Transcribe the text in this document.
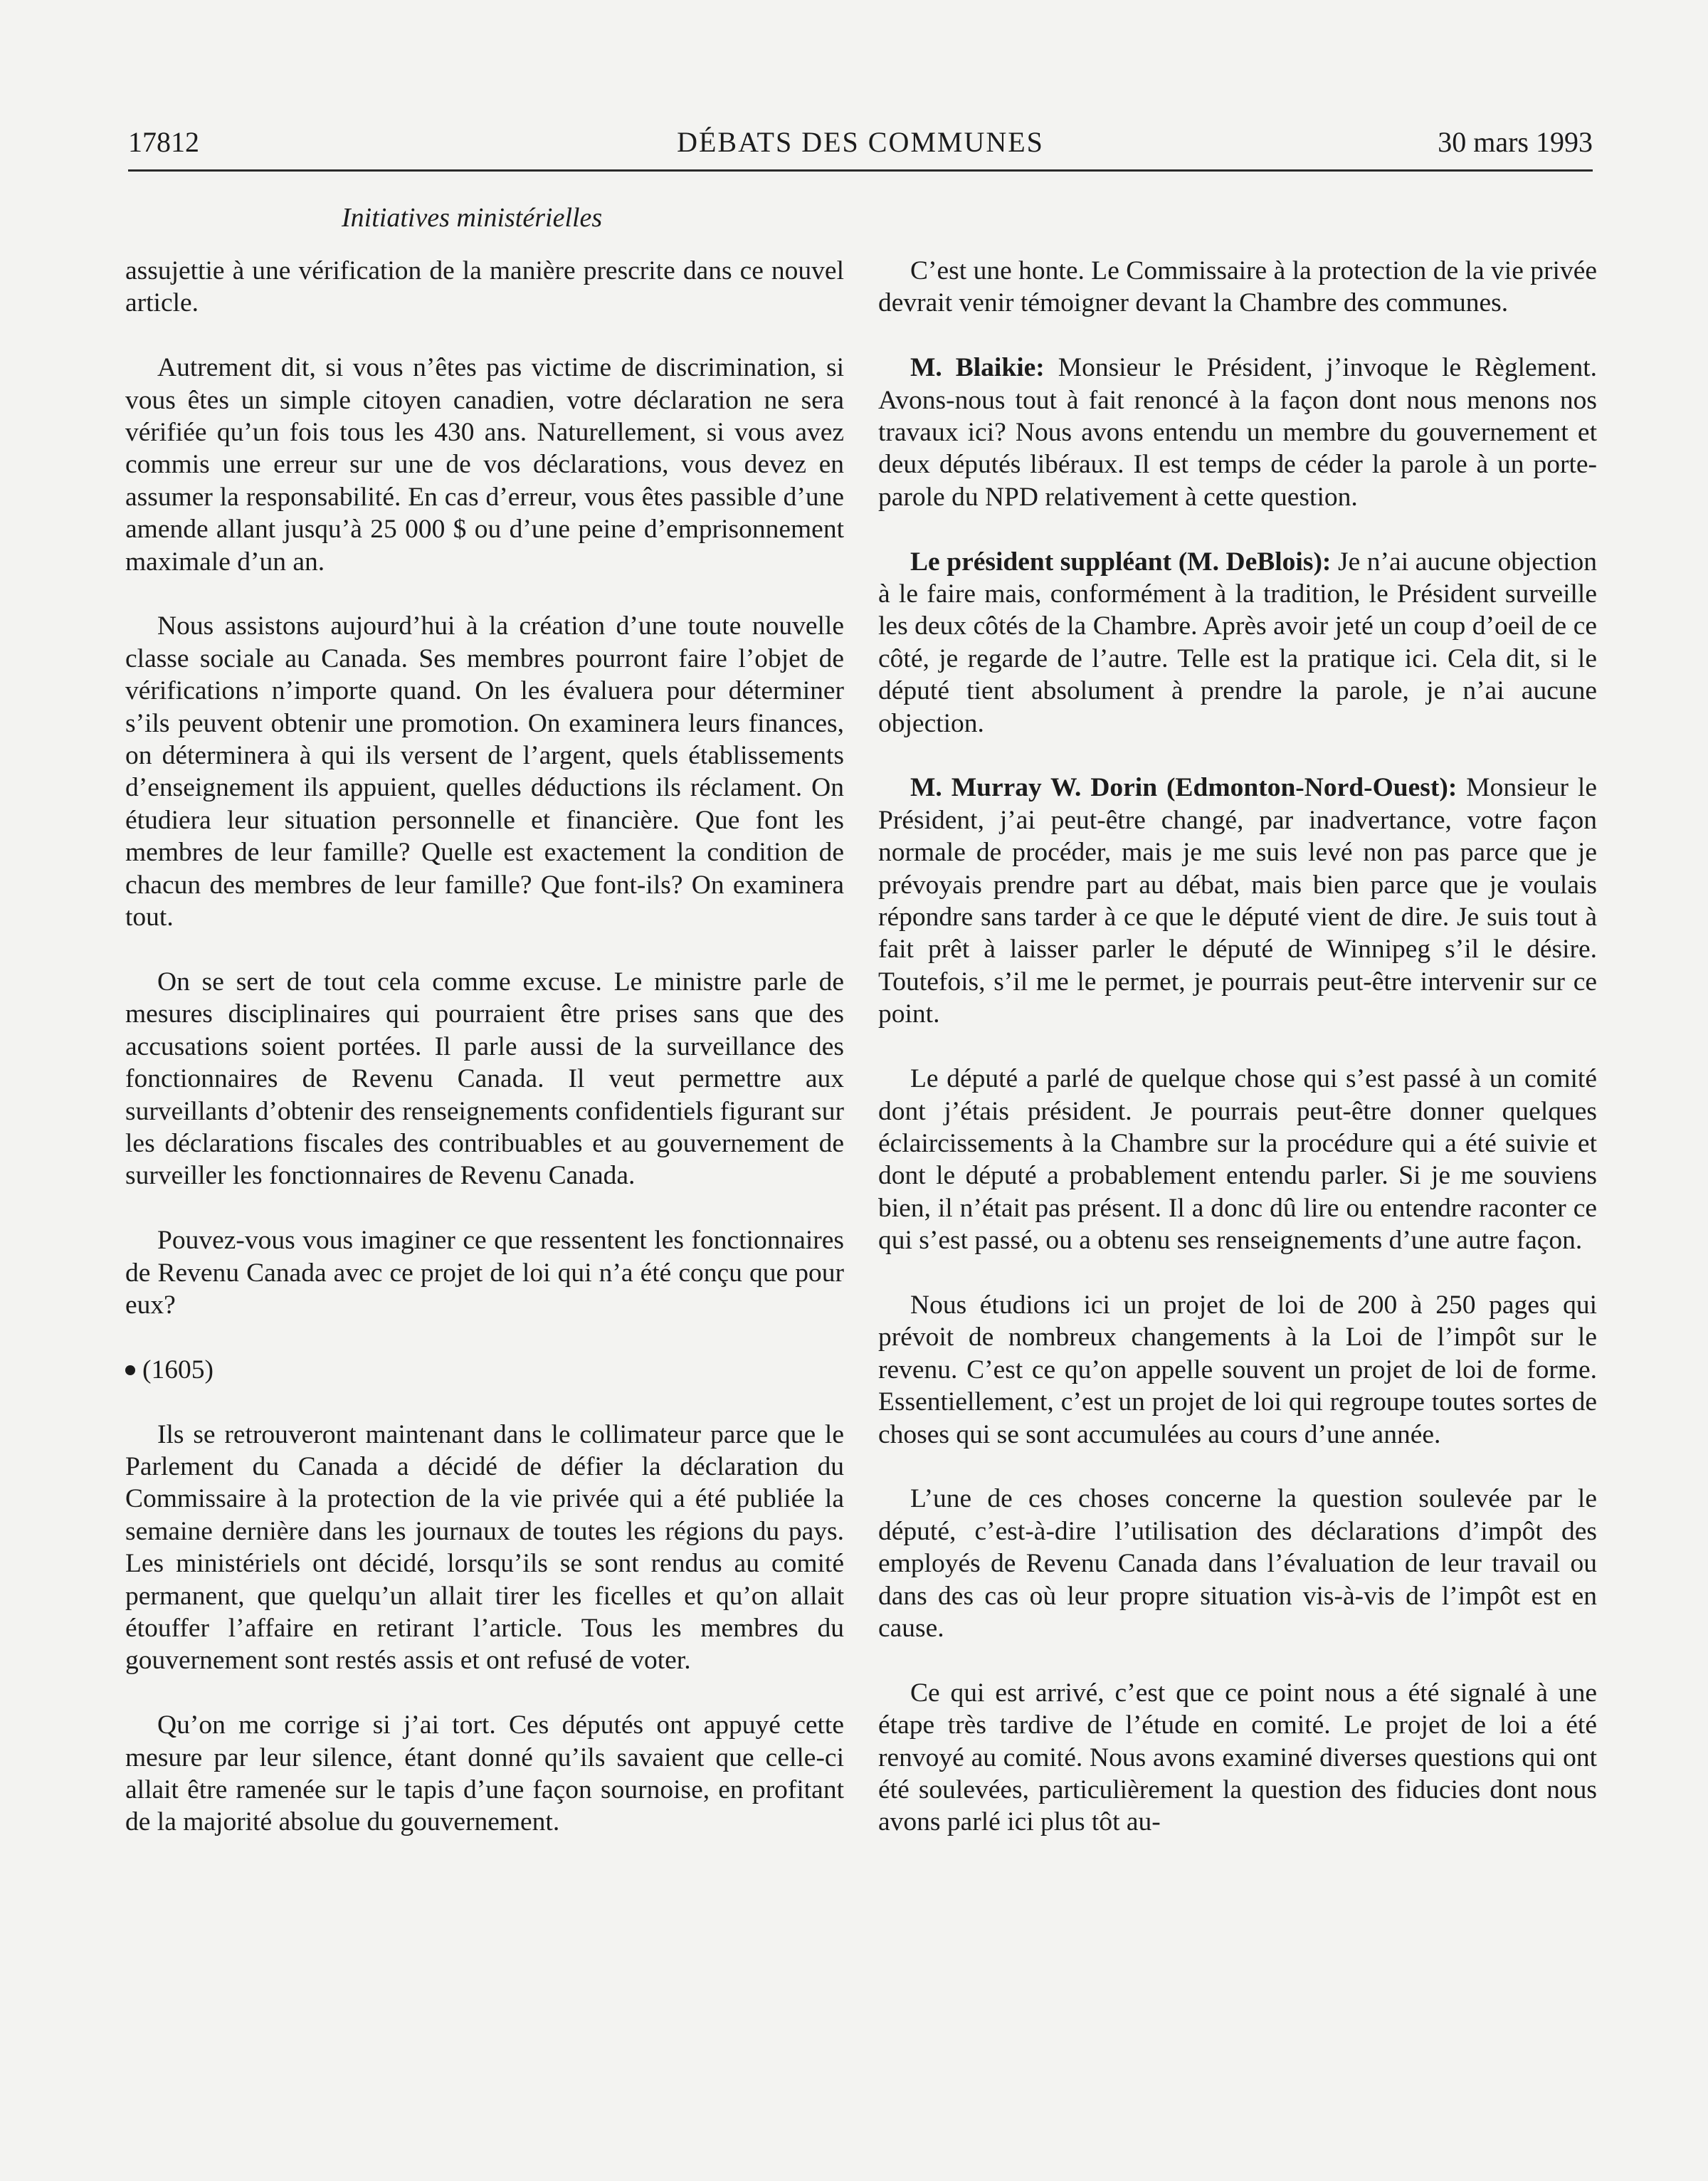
17812	DÉBATS DES COMMUNES	30 mars 1993
Initiatives ministérielles

assujettie à une vérification de la manière prescrite dans ce nouvel article.

Autrement dit, si vous n’êtes pas victime de discrimination, si vous êtes un simple citoyen canadien, votre déclaration ne sera vérifiée qu’un fois tous les 430 ans. Naturellement, si vous avez commis une erreur sur une de vos déclarations, vous devez en assumer la responsabilité. En cas d’erreur, vous êtes passible d’une amende allant jusqu’à 25 000 $ ou d’une peine d’emprisonnement maximale d’un an.

Nous assistons aujourd’hui à la création d’une toute nouvelle classe sociale au Canada. Ses membres pourront faire l’objet de vérifications n’importe quand. On les évaluera pour déterminer s’ils peuvent obtenir une promotion. On examinera leurs finances, on déterminera à qui ils versent de l’argent, quels établissements d’enseignement ils appuient, quelles déductions ils réclament. On étudiera leur situation personnelle et financière. Que font les membres de leur famille? Quelle est exactement la condition de chacun des membres de leur famille? Que font-ils? On examinera tout.

On se sert de tout cela comme excuse. Le ministre parle de mesures disciplinaires qui pourraient être prises sans que des accusations soient portées. Il parle aussi de la surveillance des fonctionnaires de Revenu Canada. Il veut permettre aux surveillants d’obtenir des renseignements confidentiels figurant sur les déclarations fiscales des contribuables et au gouvernement de surveiller les fonctionnaires de Revenu Canada.

Pouvez-vous vous imaginer ce que ressentent les fonctionnaires de Revenu Canada avec ce projet de loi qui n’a été conçu que pour eux?

(1605)

Ils se retrouveront maintenant dans le collimateur parce que le Parlement du Canada a décidé de défier la déclaration du Commissaire à la protection de la vie privée qui a été publiée la semaine dernière dans les journaux de toutes les régions du pays. Les ministériels ont décidé, lorsqu’ils se sont rendus au comité permanent, que quelqu’un allait tirer les ficelles et qu’on allait étouffer l’affaire en retirant l’article. Tous les membres du gouvernement sont restés assis et ont refusé de voter.

Qu’on me corrige si j’ai tort. Ces députés ont appuyé cette mesure par leur silence, étant donné qu’ils savaient que celle-ci allait être ramenée sur le tapis d’une façon sournoise, en profitant de la majorité absolue du gouvernement.

C’est une honte. Le Commissaire à la protection de la vie privée devrait venir témoigner devant la Chambre des communes.

M. Blaikie: Monsieur le Président, j’invoque le Règlement. Avons-nous tout à fait renoncé à la façon dont nous menons nos travaux ici? Nous avons entendu un membre du gouvernement et deux députés libéraux. Il est temps de céder la parole à un porte-parole du NPD relativement à cette question.

Le président suppléant (M. DeBlois): Je n’ai aucune objection à le faire mais, conformément à la tradition, le Président surveille les deux côtés de la Chambre. Après avoir jeté un coup d’oeil de ce côté, je regarde de l’autre. Telle est la pratique ici. Cela dit, si le député tient absolument à prendre la parole, je n’ai aucune objection.

M. Murray W. Dorin (Edmonton-Nord-Ouest): Monsieur le Président, j’ai peut-être changé, par inadvertance, votre façon normale de procéder, mais je me suis levé non pas parce que je prévoyais prendre part au débat, mais bien parce que je voulais répondre sans tarder à ce que le député vient de dire. Je suis tout à fait prêt à laisser parler le député de Winnipeg s’il le désire. Toutefois, s’il me le permet, je pourrais peut-être intervenir sur ce point.

Le député a parlé de quelque chose qui s’est passé à un comité dont j’étais président. Je pourrais peut-être donner quelques éclaircissements à la Chambre sur la procédure qui a été suivie et dont le député a probablement entendu parler. Si je me souviens bien, il n’était pas présent. Il a donc dû lire ou entendre raconter ce qui s’est passé, ou a obtenu ses renseignements d’une autre façon.

Nous étudions ici un projet de loi de 200 à 250 pages qui prévoit de nombreux changements à la Loi de l’impôt sur le revenu. C’est ce qu’on appelle souvent un projet de loi de forme. Essentiellement, c’est un projet de loi qui regroupe toutes sortes de choses qui se sont accumulées au cours d’une année.

L’une de ces choses concerne la question soulevée par le député, c’est-à-dire l’utilisation des déclarations d’impôt des employés de Revenu Canada dans l’évaluation de leur travail ou dans des cas où leur propre situation vis-à-vis de l’impôt est en cause.

Ce qui est arrivé, c’est que ce point nous a été signalé à une étape très tardive de l’étude en comité. Le projet de loi a été renvoyé au comité. Nous avons examiné diverses questions qui ont été soulevées, particulièrement la question des fiducies dont nous avons parlé ici plus tôt au-
